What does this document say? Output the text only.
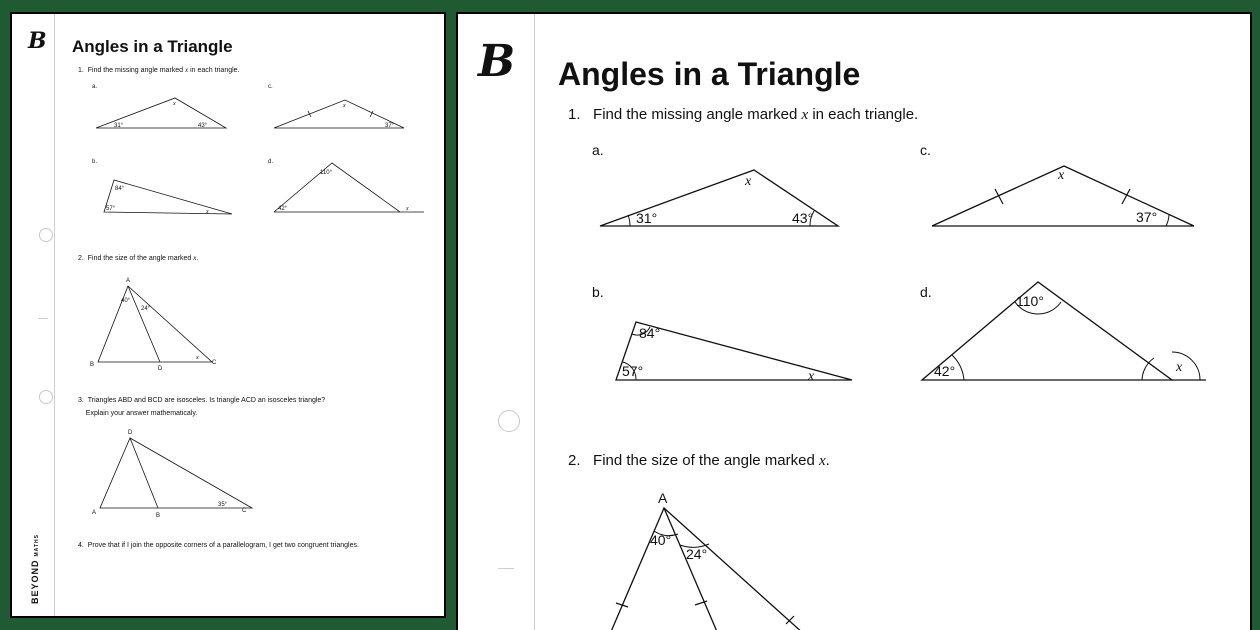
B Angles in a Triangle
1. Find the missing angle marked x in each triangle.
a.	c.
b.	d.
31°	43°
x	x
37°
84°
57°	x
110°
42°	x
A
B
D
C
40°
24°
x
D
A	B
C
35°
2. Find the size of the angle marked x.
3. Triangles ABD and BCD are isosceles. Is triangle ACD an isosceles triangle?
Explain your answer mathematicaly.
4. Prove that if I join the opposite corners of a parallelogram, I get two congruent triangles.
BEYONDMATHS
B Angles in a Triangle
1. Find the missing angle marked x in each triangle.
a.	c.
b.	d.
2. Find the size of the angle marked x.
31°	43°
x	x
37°
84°
57°	x
110°
42°	x
A
40°
24°
